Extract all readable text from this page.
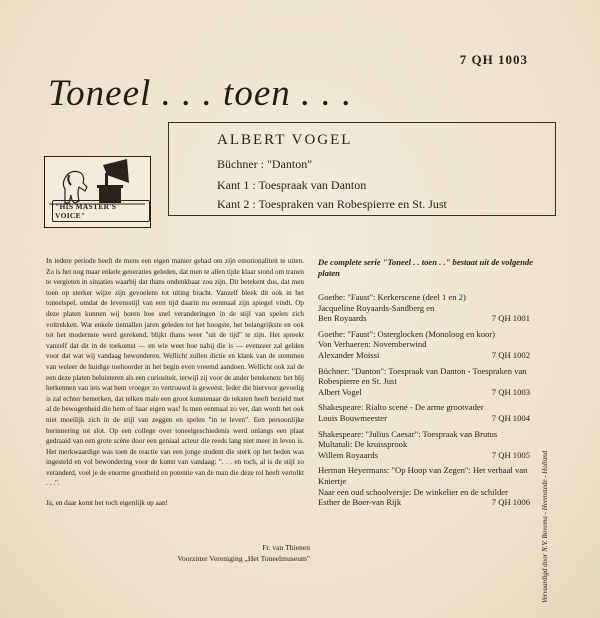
7 QH 1003
Toneel . . . toen . . .
"HIS MASTER'S VOICE"
ALBERT VOGEL
Büchner : "Danton"
Kant 1 : Toespraak van Danton
Kant 2 : Toespraken van Robespierre en St. Just

In iedere periode heeft de mens een eigen manier gehad om zijn emotionaliteit te uiten. Zo is het nog maar enkele generaties geleden, dat men te allen tijde klaar stond om tranen te vergieten in situaties waarbij dat thans ondenkbaar zou zijn. Dit betekent dus, dat men toen op sterker wijze zijn gevoelens tot uiting bracht. Vanzelf bleek dit ook in het toneelspel, omdat de levensstijl van een tijd daarin nu eenmaal zijn spiegel vindt. Op deze platen kunnen wij horen hoe snel veranderingen in de stijl van spelen zich voltrekken. Wat enkele tientallen jaren geleden tot het hoogste, het belangrijkste en ook tot het modernste werd gerekend, blijkt thans weer "uit de tijd" te zijn. Het spreekt vanzelf dat dit in de toekomst — en wie weet hoe nabij die is — evenzeer zal gelden voor dat wat wij vandaag bewonderen. Wellicht zullen dictie en klank van de stemmen van weleer de huidige toehoorder in het begin even vreemd aandoen. Wellicht ook zal de een deze platen beluisteren als een curiositeit, terwijl zij voor de ander betekenen: het blij herkennen van iets wat hem vroeger zo vertrouwd is geweest. Ieder die hiervoor gevoelig is zal echter bemerken, dat telken male een groot kunstenaar de teksten heeft bezield met al de bewogenheid die hem of haar eigen was! Is men eenmaal zo ver, dan wordt het ook niet moeilijk zich in de stijl van zeggen en spelen "in te leven". Een persoonlijke herinnering tot slot. Op een college over toneelgeschiedenis werd onlangs een plaat gedraaid van een grote scène door een geniaal acteur die reeds lang niet meer in leven is. Het merkwaardige was toen de reactie van een jonge student die sterk op het heden was ingesteld en vol bewondering voor de kunst van vandaag: ". . . en toch, al is de stijl zo veranderd, voel je de enorme grootheid en potentie van de man die deze rol heeft vertolkt . . .".

Ja, en daar komt het toch eigenlijk op aan!

Fr. van Thienen
Voorzitter Vereniging „Het Toneelmuseum"
De complete serie "Toneel . . toen . ." bestaat uit de volgende platen
Goethe: "Faust": Kerkerscene (deel 1 en 2)
Jacqueline Royaards-Sandberg en
Ben Royaards	7 QH 1001
Goethe: "Faust": Osterglocken (Monoloog en koor)
Von Verhaeren: Novemberwind
Alexander Moissi	7 QH 1002
Büchner: "Danton": Toespraak van Danton - Toespraken van Robespierre en St. Just
Albert Vogel	7 QH 1003
Shakespeare: Rialto scene - De arme grootvader
Louis Bouwmeester	7 QH 1004
Shakespeare: "Julius Caesar": Toespraak van Brutus
Multatuli: De kruissprook
Willem Royaards	7 QH 1005
Herman Heyermans: "Op Hoop van Zegen": Het verhaal van Kniertje
Naar een oud schoolversje: De winkelier en de schilder
Esther de Boer-van Rijk	7 QH 1006 Vervaardigd door N.V. Bovema - Heemstede - Holland
